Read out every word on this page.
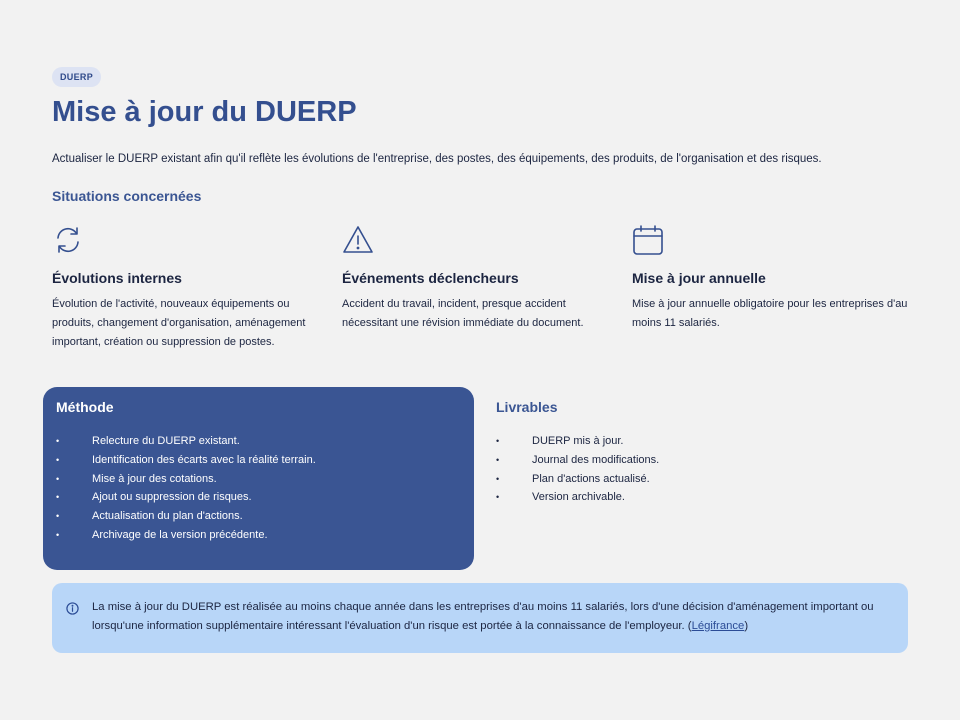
DUERP
Mise à jour du DUERP

Actualiser le DUERP existant afin qu'il reflète les évolutions de l'entreprise, des postes, des équipements, des produits, de l'organisation et des risques.

Situations concernées
Évolutions internes

Évolution de l'activité, nouveaux équipements ou produits, changement d'organisation, aménagement important, création ou suppression de postes.

Événements déclencheurs

Accident du travail, incident, presque accident nécessitant une révision immédiate du document.

Mise à jour annuelle

Mise à jour annuelle obligatoire pour les entreprises d'au moins 11 salariés.

Méthode
• Relecture du DUERP existant.
• Identification des écarts avec la réalité terrain.
• Mise à jour des cotations.
• Ajout ou suppression de risques.
• Actualisation du plan d'actions.
• Archivage de la version précédente.
Livrables
• DUERP mis à jour.
• Journal des modifications.
• Plan d'actions actualisé.
• Version archivable.
La mise à jour du DUERP est réalisée au moins chaque année dans les entreprises d'au moins 11 salariés, lors d'une décision d'aménagement important ou lorsqu'une information supplémentaire intéressant l'évaluation d'un risque est portée à la connaissance de l'employeur. (Légifrance)
